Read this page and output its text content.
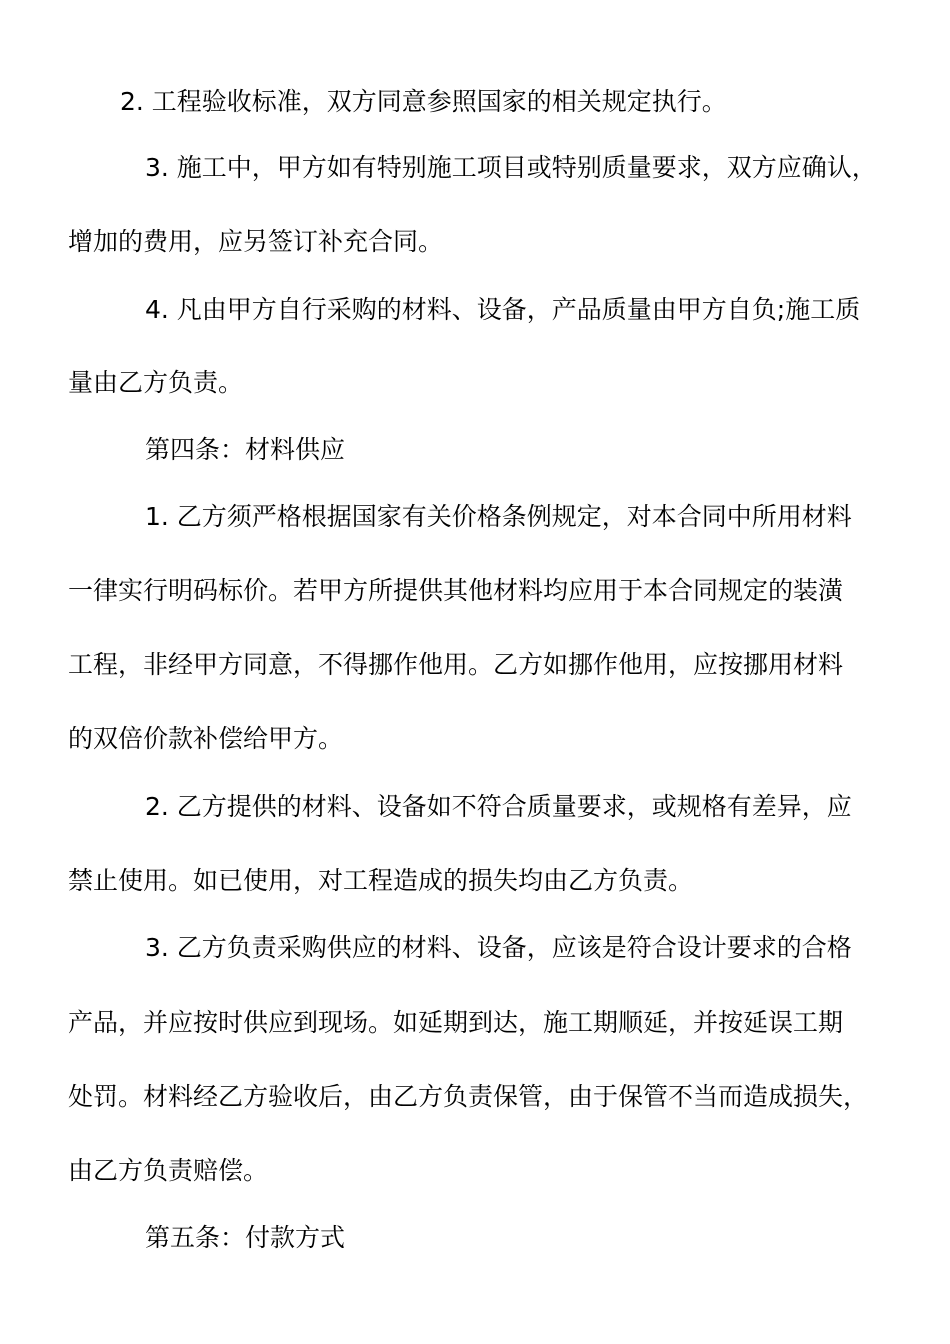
2. 工程验收标准，双方同意参照国家的相关规定执行。
3. 施工中，甲方如有特别施工项目或特别质量要求，双方应确认，
增加的费用，应另签订补充合同。
4. 凡由甲方自行采购的材料、设备，产品质量由甲方自负;施工质
量由乙方负责。
第四条：材料供应
1. 乙方须严格根据国家有关价格条例规定，对本合同中所用材料
一律实行明码标价。若甲方所提供其他材料均应用于本合同规定的装潢
工程，非经甲方同意，不得挪作他用。乙方如挪作他用，应按挪用材料
的双倍价款补偿给甲方。
2. 乙方提供的材料、设备如不符合质量要求，或规格有差异，应
禁止使用。如已使用，对工程造成的损失均由乙方负责。
3. 乙方负责采购供应的材料、设备，应该是符合设计要求的合格
产品，并应按时供应到现场。如延期到达，施工期顺延，并按延误工期
处罚。材料经乙方验收后，由乙方负责保管，由于保管不当而造成损失，
由乙方负责赔偿。
第五条：付款方式
